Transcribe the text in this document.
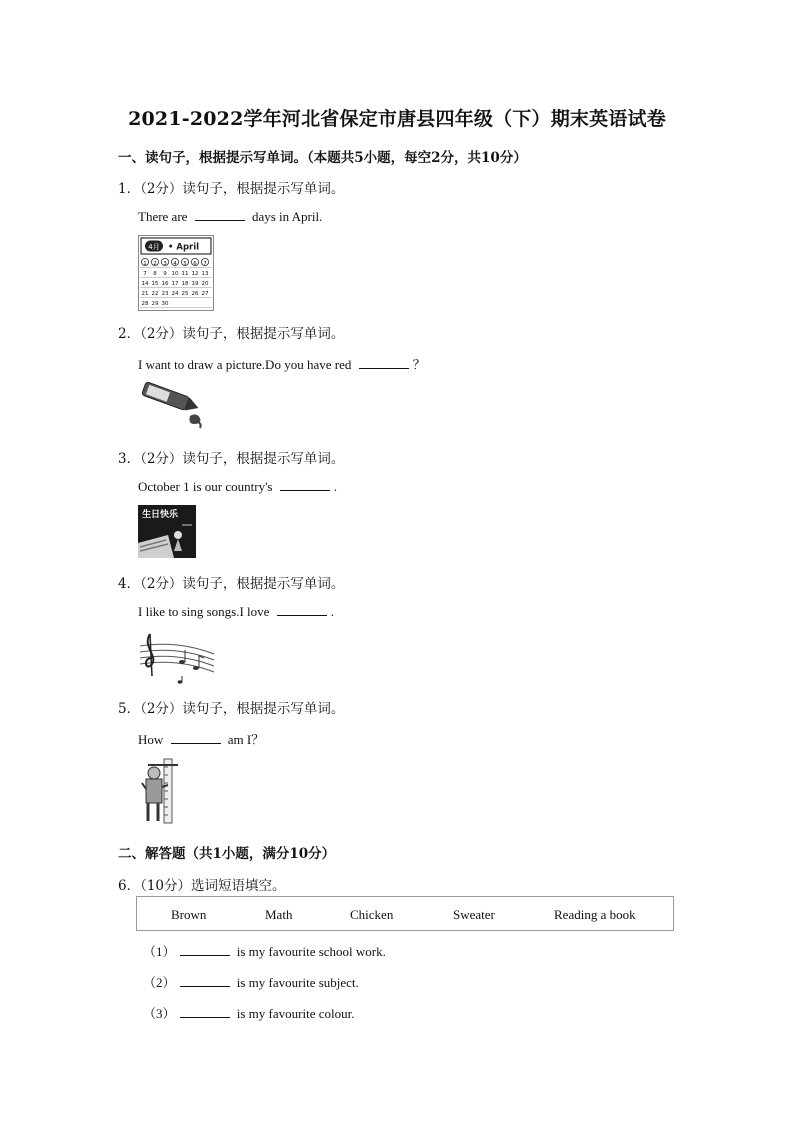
2021-2022学年河北省保定市唐县四年级（下）期末英语试卷
一、读句子，根据提示写单词。（本题共5小题，每空2分，共10分）
1．（2分）读句子，根据提示写单词。
There are	days in April.
4月 • April
1 2 3 4 5 6 7
7 8 9 10 11 12 13
14 15 16 17 18 19 20
21 22 23 24 25 26 27
28 29 30
2．（2分）读句子，根据提示写单词。
I want to draw a picture.Do you have red	？
3．（2分）读句子，根据提示写单词。
October 1 is our country's	.
生日快乐
4．（2分）读句子，根据提示写单词。
I like to sing songs.I love	.
5．（2分）读句子，根据提示写单词。
How	am I？
二、解答题（共1小题，满分10分）
6．（10分）选词短语填空。
Brown	Math	Chicken	Sweater	Reading a book
（1）	is my favourite school work.
（2）	is my favourite subject.
（3）	is my favourite colour.
